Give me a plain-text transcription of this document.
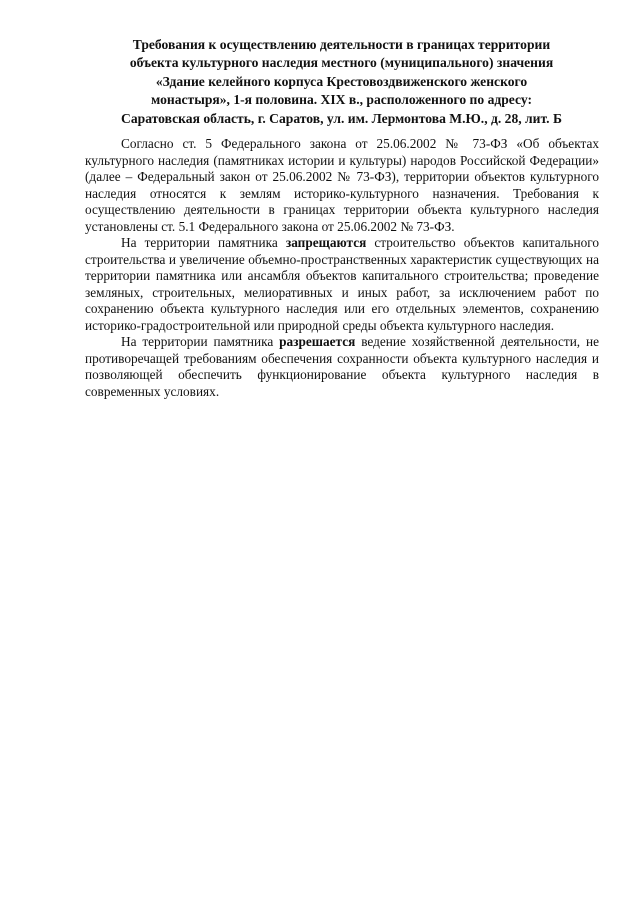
Требования к осуществлению деятельности в границах территории
объекта культурного наследия местного (муниципального) значения
«Здание келейного корпуса Крестовоздвиженского женского
монастыря», 1-я половина. XIX в., расположенного по адресу:
Саратовская область, г. Саратов, ул. им. Лермонтова М.Ю., д. 28, лит. Б

Согласно ст. 5 Федерального закона от 25.06.2002 № 73-ФЗ «Об объектах культурного наследия (памятниках истории и культуры) народов Российской Федерации» (далее – Федеральный закон от 25.06.2002 № 73-ФЗ), территории объектов культурного наследия относятся к землям историко-культурного назначения. Требования к осуществлению деятельности в границах территории объекта культурного наследия установлены ст. 5.1 Федерального закона от 25.06.2002 № 73-ФЗ.

На территории памятника запрещаются строительство объектов капитального строительства и увеличение объемно-пространственных характеристик существующих на территории памятника или ансамбля объектов капитального строительства; проведение земляных, строительных, мелиоративных и иных работ, за исключением работ по сохранению объекта культурного наследия или его отдельных элементов, сохранению историко-градостроительной или природной среды объекта культурного наследия.

На территории памятника разрешается ведение хозяйственной деятельности, не противоречащей требованиям обеспечения сохранности объекта культурного наследия и позволяющей обеспечить функционирование объекта культурного наследия в современных условиях.
